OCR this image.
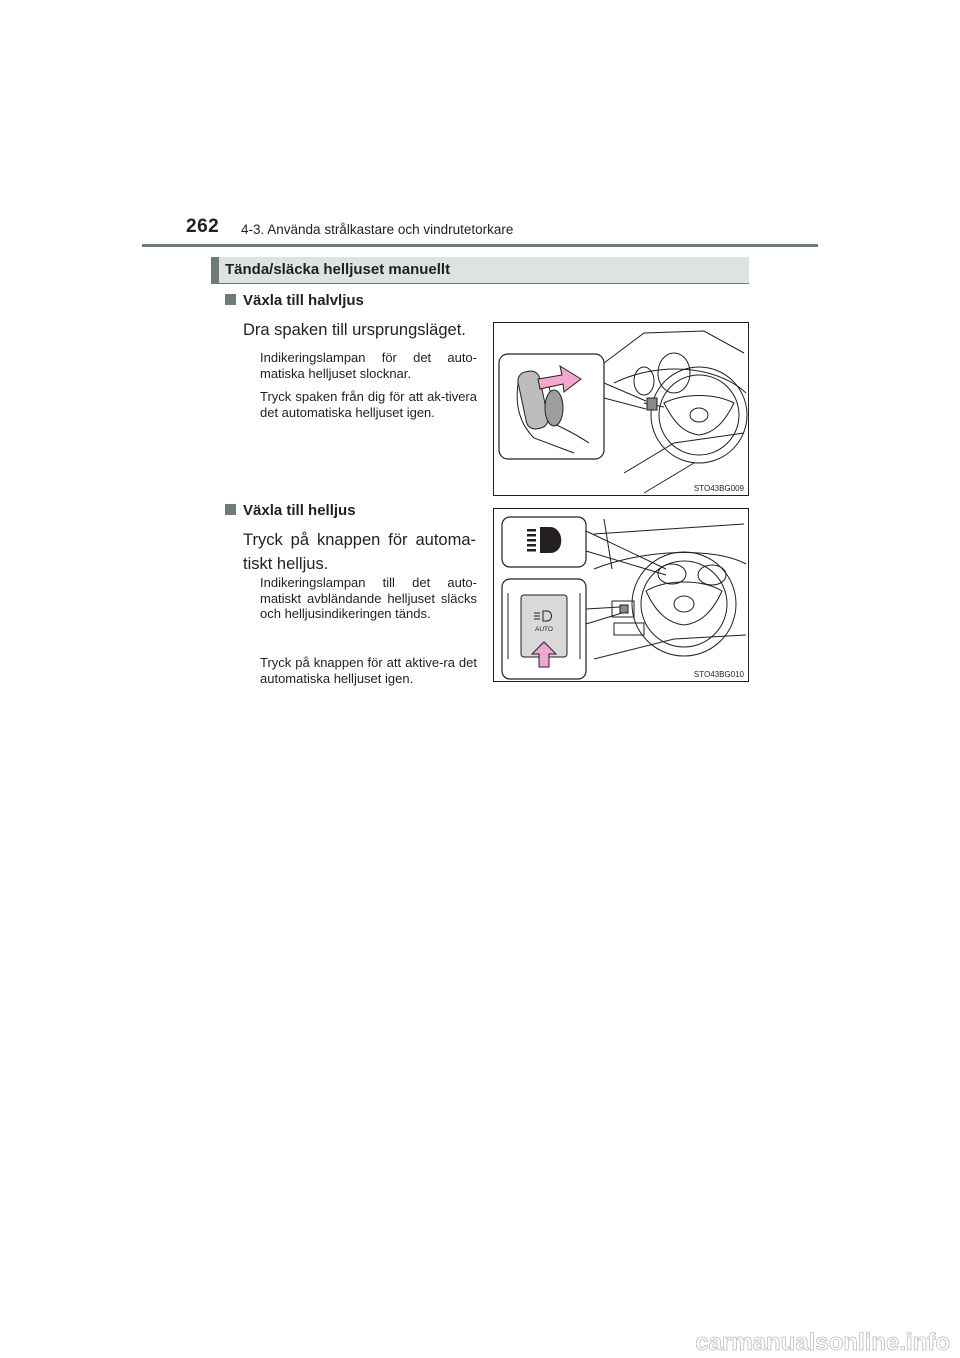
262 4-3. Använda strålkastare och vindrutetorkare
Tända/släcka helljuset manuellt
Växla till halvljus
Dra spaken till ursprungsläget.
Indikeringslampan för det auto-matiska helljuset slocknar.
Tryck spaken från dig för att ak-tivera det automatiska helljuset igen.
STO43BG009
Växla till helljus
Tryck på knappen för automa-tiskt helljus.
Indikeringslampan till det auto-matiskt avbländande helljuset släcks och helljusindikeringen tänds.
Tryck på knappen för att aktive-ra det automatiska helljuset igen.
AUTO
STO43BG010
carmanualsonline.info
